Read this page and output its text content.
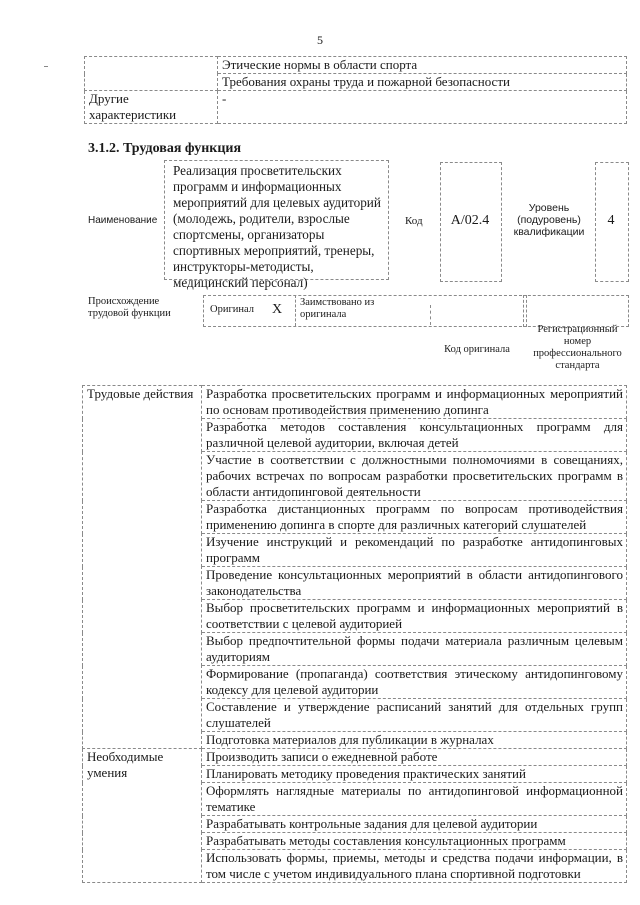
5
	Этические нормы в области спорта
	Требования охраны труда и пожарной безопасности
Другие характеристики	-
3.1.2. Трудовая функция
Наименование
Реализация просветительских программ и информационных мероприятий для целевых аудиторий (молодежь, родители, взрослые спортсмены, организаторы спортивных мероприятий, тренеры, инструкторы-методисты, медицинский персонал)
Код	A/02.4
Уровень (подуровень) квалификации
4
Происхождение трудовой функции	Оригинал X Заимствовано из оригинала
Код оригинала
Регистрационный номер профессионального стандарта
Трудовые действия	Разработка просветительских программ и информационных мероприятий по основам противодействия применению допинга
	Разработка методов составления консультационных программ для различной целевой аудитории, включая детей
	Участие в соответствии с должностными полномочиями в совещаниях, рабочих встречах по вопросам разработки просветительских программ в области антидопинговой деятельности
	Разработка дистанционных программ по вопросам противодействия применению допинга в спорте для различных категорий слушателей
	Изучение инструкций и рекомендаций по разработке антидопинговых программ
	Проведение консультационных мероприятий в области антидопингового законодательства
	Выбор просветительских программ и информационных мероприятий в соответствии с целевой аудиторией
	Выбор предпочтительной формы подачи материала различным целевым аудиториям
	Формирование (пропаганда) соответствия этическому антидопинговому кодексу для целевой аудитории
	Составление и утверждение расписаний занятий для отдельных групп слушателей
	Подготовка материалов для публикации в журналах
Необходимые умения	Производить записи о ежедневной работе
	Планировать методику проведения практических занятий
	Оформлять наглядные материалы по антидопинговой информационной тематике
	Разрабатывать контрольные задания для целевой аудитории
	Разрабатывать методы составления консультационных программ
	Использовать формы, приемы, методы и средства подачи информации, в том числе с учетом индивидуального плана спортивной подготовки
